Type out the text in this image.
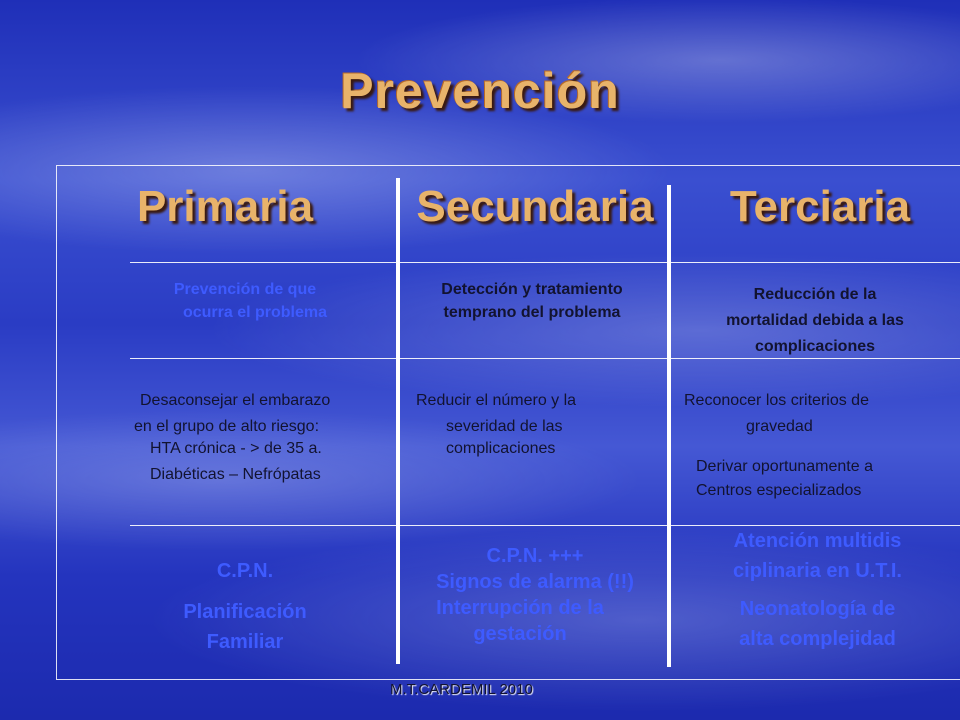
Prevención
Primaria	Secundaria	Terciaria
Prevención de que
ocurra el problema
Detección y tratamiento
temprano del problema
Reducción de la
mortalidad debida a las
complicaciones
Desaconsejar el embarazo
en el grupo de alto riesgo:
HTA crónica - > de 35 a.
Diabéticas – Nefrópatas
Reducir el número y la
severidad de las
complicaciones
Reconocer los criterios de
gravedad
Derivar oportunamente a
Centros especializados
C.P.N.
Planificación
Familiar
C.P.N. +++
Signos de alarma (!!)
Interrupción de la
gestación
Atención multidis
ciplinaria en U.T.I.
Neonatología de
alta complejidad
M.T.CARDEMIL 2010
